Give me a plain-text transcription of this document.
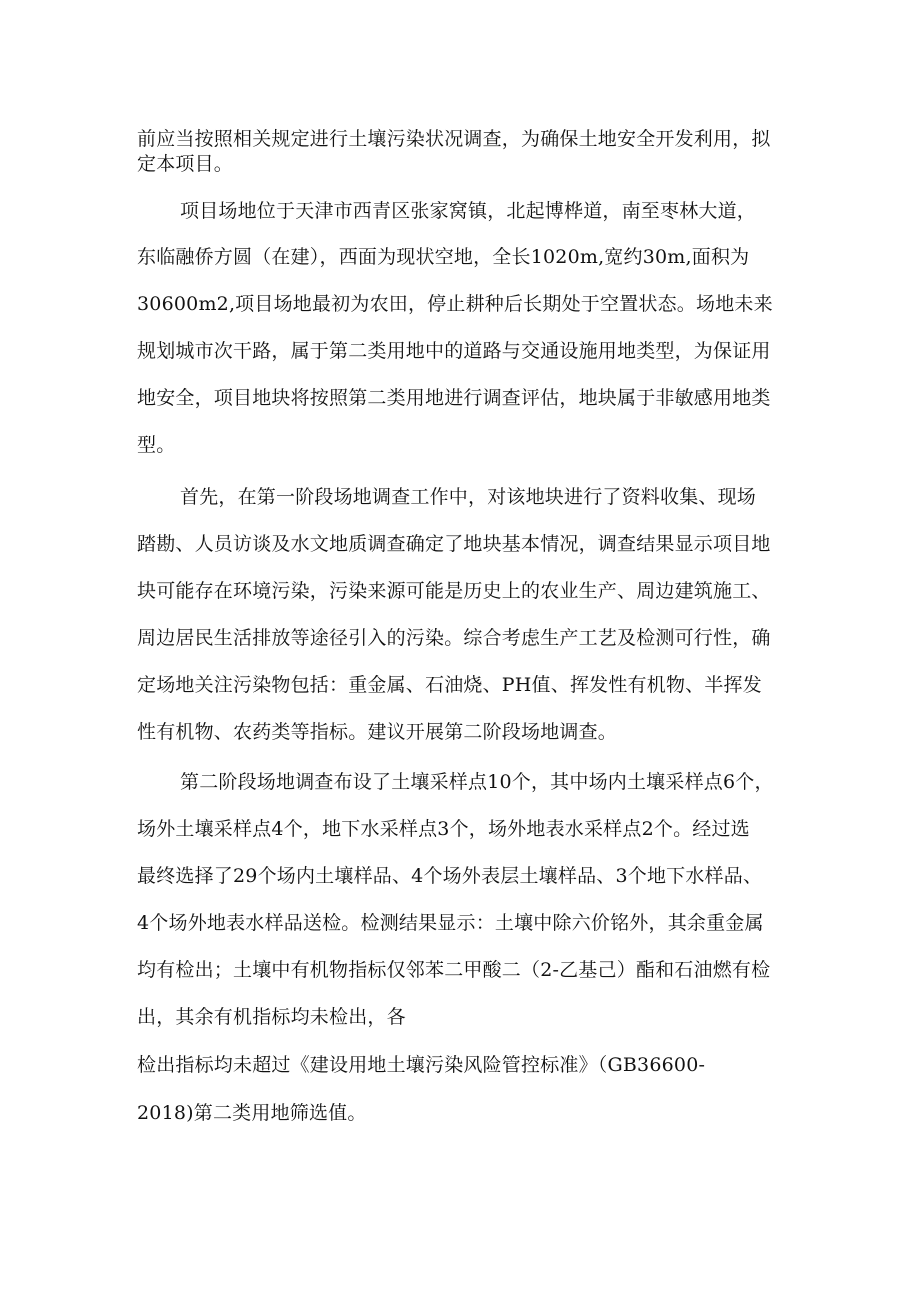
前应当按照相关规定进行土壤污染状况调查，为确保土地安全开发利用，拟
定本项目。
项目场地位于天津市西青区张家窝镇，北起博桦道，南至枣林大道，
东临融侨方圆（在建），西面为现状空地，全长1020m,宽约30m,面积为
30600m2,项目场地最初为农田，停止耕种后长期处于空置状态。场地未来
规划城市次干路，属于第二类用地中的道路与交通设施用地类型，为保证用
地安全，项目地块将按照第二类用地进行调查评估，地块属于非敏感用地类
型。
首先，在第一阶段场地调查工作中，对该地块进行了资料收集、现场
踏勘、人员访谈及水文地质调查确定了地块基本情况，调查结果显示项目地
块可能存在环境污染，污染来源可能是历史上的农业生产、周边建筑施工、
周边居民生活排放等途径引入的污染。综合考虑生产工艺及检测可行性，确
定场地关注污染物包括：重金属、石油烧、PH值、挥发性有机物、半挥发
性有机物、农药类等指标。建议开展第二阶段场地调查。
第二阶段场地调查布设了土壤采样点10个，其中场内土壤采样点6个，
场外土壤采样点4个，地下水采样点3个，场外地表水采样点2个。经过选
最终选择了29个场内土壤样品、4个场外表层土壤样品、3个地下水样品、
4个场外地表水样品送检。检测结果显示：土壤中除六价铭外，其余重金属
均有检出；土壤中有机物指标仅邻苯二甲酸二（2-乙基己）酯和石油燃有检
出，其余有机指标均未检出，各
检出指标均未超过《建设用地土壤污染风险管控标准》（GB36600-
2018)第二类用地筛选值。
